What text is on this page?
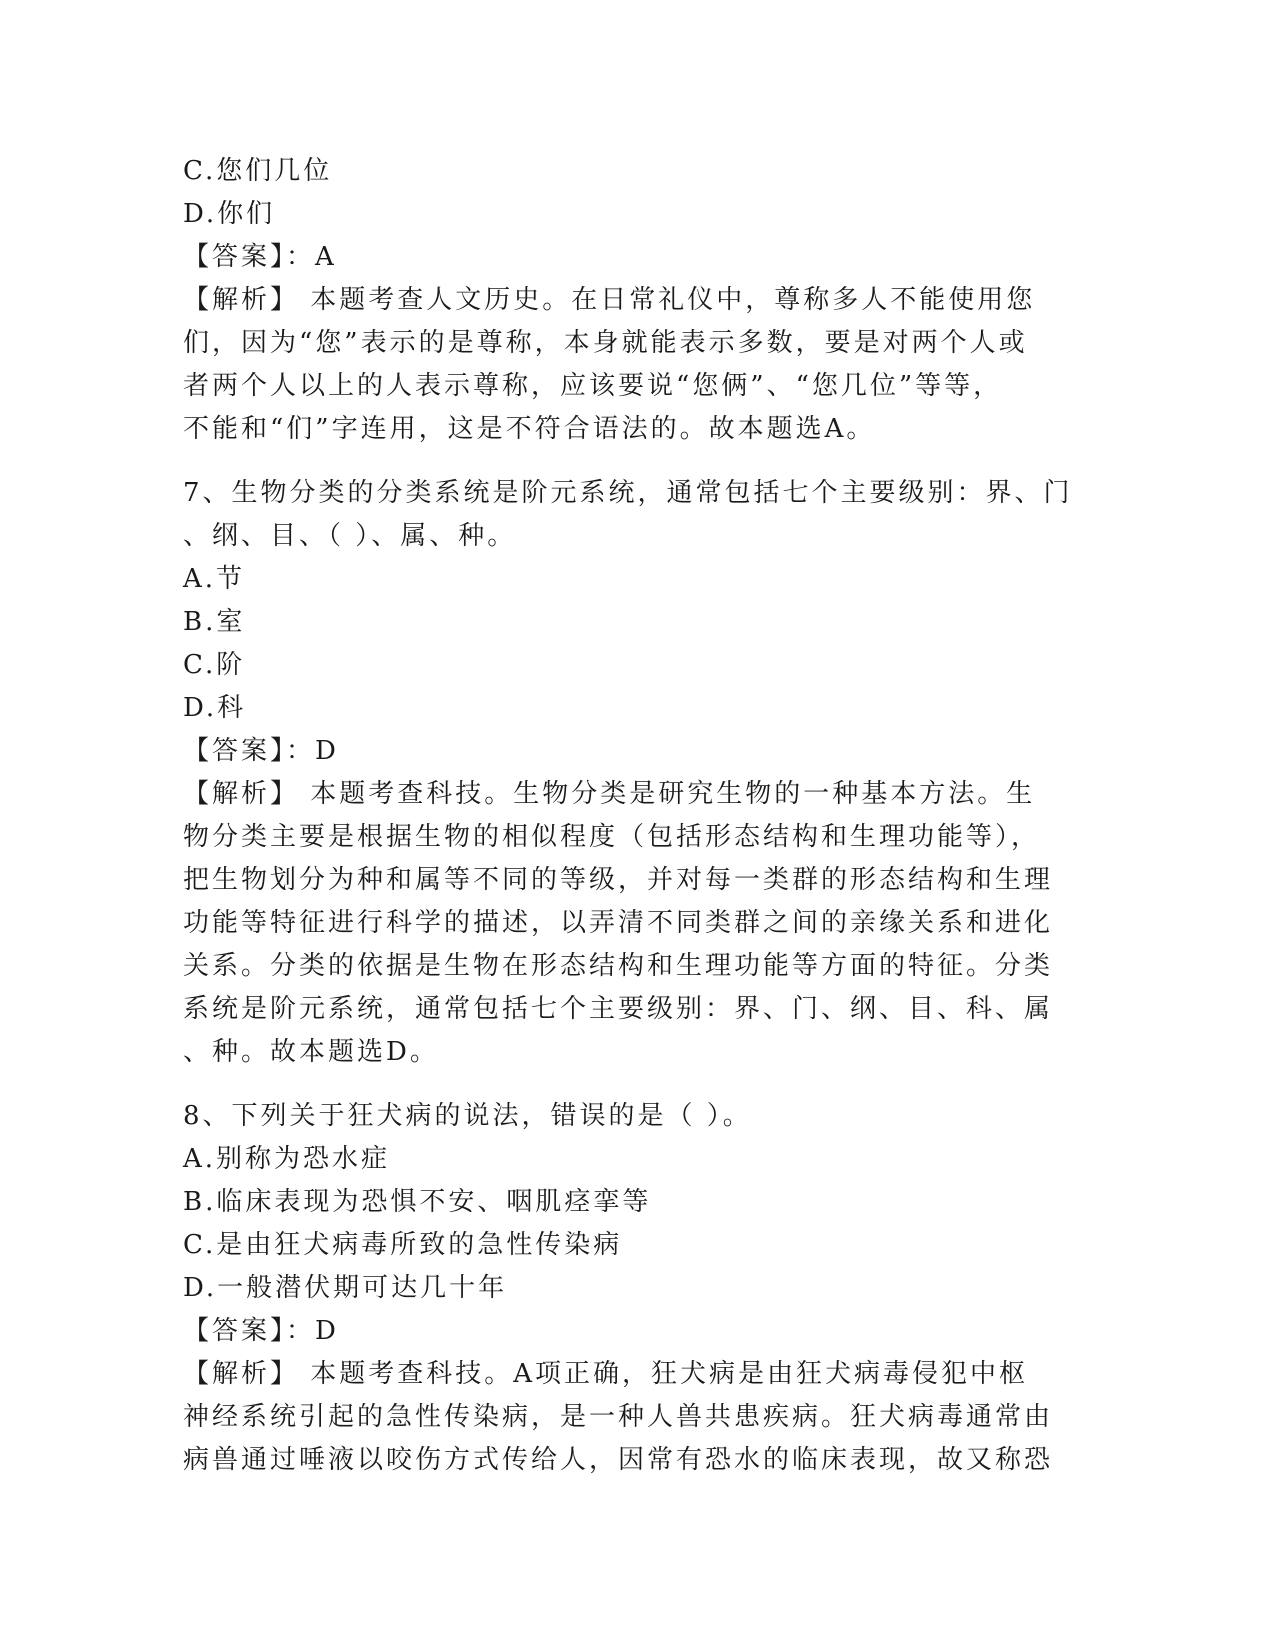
C.您们几位
D.你们
【答案】：A
【解析】 本题考查人文历史。在日常礼仪中，尊称多人不能使用您
们，因为“您”表示的是尊称，本身就能表示多数，要是对两个人或
者两个人以上的人表示尊称，应该要说“您俩”、“您几位”等等，
不能和“们”字连用，这是不符合语法的。故本题选A。
7、生物分类的分类系统是阶元系统，通常包括七个主要级别：界、门
、纲、目、（ ）、属、种。
A.节
B.室
C.阶
D.科
【答案】：D
【解析】 本题考查科技。生物分类是研究生物的一种基本方法。生
物分类主要是根据生物的相似程度（包括形态结构和生理功能等），
把生物划分为种和属等不同的等级，并对每一类群的形态结构和生理
功能等特征进行科学的描述，以弄清不同类群之间的亲缘关系和进化
关系。分类的依据是生物在形态结构和生理功能等方面的特征。分类
系统是阶元系统，通常包括七个主要级别：界、门、纲、目、科、属
、种。故本题选D。
8、下列关于狂犬病的说法，错误的是（ ）。
A.别称为恐水症
B.临床表现为恐惧不安、咽肌痉挛等
C.是由狂犬病毒所致的急性传染病
D.一般潜伏期可达几十年
【答案】：D
【解析】 本题考查科技。A项正确，狂犬病是由狂犬病毒侵犯中枢
神经系统引起的急性传染病，是一种人兽共患疾病。狂犬病毒通常由
病兽通过唾液以咬伤方式传给人，因常有恐水的临床表现，故又称恐
